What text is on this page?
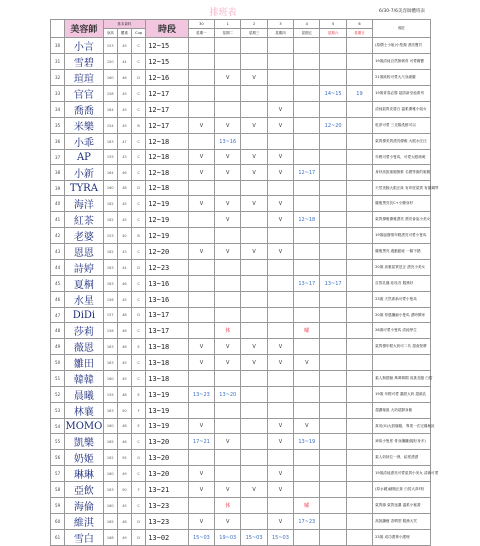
排班表	6/30-7/6美容師體班表
	美容師	基本資料			時段	30	1	2	3	4	5	6	備註
		身高	體重	Cup		星期一	星期二	星期三	星期四	星期五	星期六	星期日	
30	小言	153	45	C	12~15								(原價士小姐)小型顏 漂亮寶貝
31	雪碧	150	44	C	12~15								19歲清純自然無刺青 可愛嬌寶
32	瑄瑄	160	46	D	12~16		V	V					21歲妹較可愛大尺身細腰
33	官官	158	45	C	12~17						14~15	19	19歲青春必勝 超清新至純系列
34	喬喬	164	45	C	12~17				V				清純氣質皮膚白 溫柔優雅小姐女
35	米樂	154	45	B	12~17	V	V	V	V		12~20		乾淨可愛 三光陽洗鮮可以
36	小乖	163	47	C	12~18		13~16						氣質優美質漂亮優雅 大眼水汪汪
37	AP	155	43	C	12~18	V	V	V	V				年輕可愛小隻馬，可愛大眼萌萌
38	小新	164	46	C	12~18	V	V	V	V	12~17			身材高挑蜜腿無惟 名模等級的蜜腿
39	TYRA	160	48	D	12~18								天然美腿大眼正妹 有印度氣質 有韻鋼琴
40	海洋	162	45	C	12~19	V	V	V	V				腰瘦黑亮長C+小蠻身材
41	紅茶	162	45	C	12~19		V		V	12~18			氣質優雅優雅漂亮 漂亮會說小美女
42	老婆	153	40	B	12~19								19歲風靡情年輕漂亮可愛小隻馬
43	恩恩	162	43	C	12~20	V	V	V	V				腰瘦黑亮 過動動症 一臉不錯
44	詩婷	163	44	D	12~23								20歲 高雅氣質是正 漂亮小美女
45	夏桐	163	46	C	13~16					13~17	13~17		自智乳爆 哇哇音 服務好
46	水星	156	45	C	13~16								23歲 天然系新可愛小隻馬
47	DiDi	157	48	D	13~17								20歲 骨感纖細小隻馬 漂時開家
48	莎莉	158	46	C	13~17		休			曜			26歲可愛小隻馬 清純學生
49	薇恩	163	46	E	13~18	V	V	V	V				氣質優年輕大奶可二代 超會按摩
50	雛田	163	45	C	13~18	V	V	V	V	V			
51	韓韓	160	45	C	13~18								素人無經驗 萬萬韓國 高挑長腿 白皙
52	晨曦	155	48	E	13~19	13~23	13~20						19歲 年輕可愛 濃甜大奶 超級乳
53	林襄	163	50	F	13~19								超濃郁鼠 大奶超靜身鬆
54	MOMO	160	48	E	13~19	V			V	V			真英(G)大鼓爆鬆，專業一次完爆極致
55	凱樂	165	46	C	13~20	17~21	V		V	13~19			神似小隻度 骨身纖纖(腿好身多)
56	奶姬	162	55	G	13~20								素人奶妹位一發，結度漂漂
57	琳琳	160	49	C	13~20	V			V				19歲清純漂亮可愛氣質小美女 清新可愛
58	亞飲	163	50	F	13~21	V	V	V	V				(原水鏡)細腿正妹 白皙大真F奶
59	海倫	160	45	C	13~23		休			曜			氣質綠 氣質迷濃 溫柔小秘書
60	維淇	165	48	D	13~23	V	V		V	17~23			高挑纖瘦 香噴型 服務大咒
61	雪白	168	49	D	13~02	15~03	19~03	15~03	15~03				23歲 成功護專小護理
